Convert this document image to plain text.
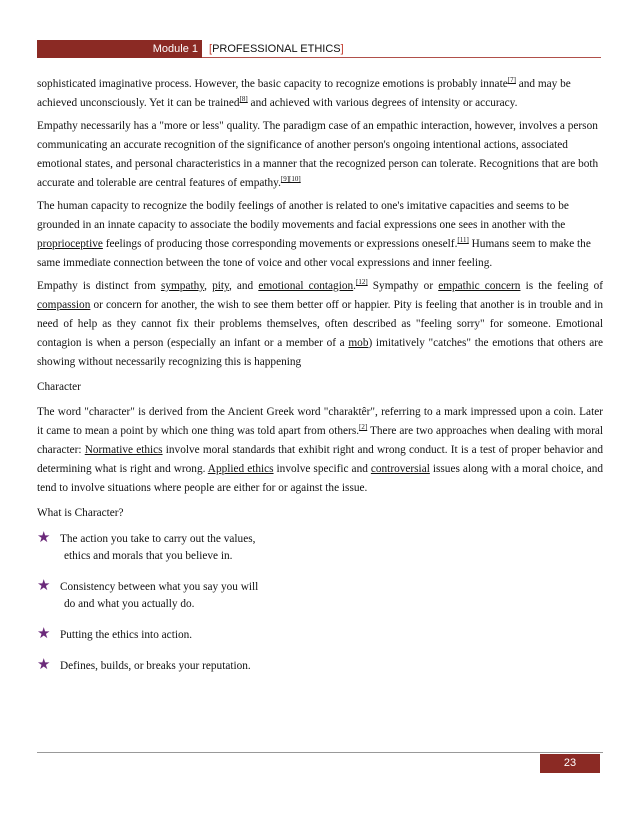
Module 1	[PROFESSIONAL ETHICS]

sophisticated imaginative process. However, the basic capacity to recognize emotions is probably innate[7] and may be achieved unconsciously. Yet it can be trained[8] and achieved with various degrees of intensity or accuracy.

Empathy necessarily has a "more or less" quality. The paradigm case of an empathic interaction, however, involves a person communicating an accurate recognition of the significance of another person's ongoing intentional actions, associated emotional states, and personal characteristics in a manner that the recognized person can tolerate. Recognitions that are both accurate and tolerable are central features of empathy.[9][10]

The human capacity to recognize the bodily feelings of another is related to one's imitative capacities and seems to be grounded in an innate capacity to associate the bodily movements and facial expressions one sees in another with the proprioceptive feelings of producing those corresponding movements or expressions oneself.[11] Humans seem to make the same immediate connection between the tone of voice and other vocal expressions and inner feeling.

Empathy is distinct from sympathy, pity, and emotional contagion.[12] Sympathy or empathic concern is the feeling of compassion or concern for another, the wish to see them better off or happier. Pity is feeling that another is in trouble and in need of help as they cannot fix their problems themselves, often described as "feeling sorry" for someone. Emotional contagion is when a person (especially an infant or a member of a mob) imitatively "catches" the emotions that others are showing without necessarily recognizing this is happening

Character

The word "character" is derived from the Ancient Greek word "charaktêr", referring to a mark impressed upon a coin. Later it came to mean a point by which one thing was told apart from others.[2] There are two approaches when dealing with moral character: Normative ethics involve moral standards that exhibit right and wrong conduct. It is a test of proper behavior and determining what is right and wrong. Applied ethics involve specific and controversial issues along with a moral choice, and tend to involve situations where people are either for or against the issue.

What is Character?

★ The action you take to carry out the values,
ethics and morals that you believe in.
★ Consistency between what you say you will
do and what you actually do.
★ Putting the ethics into action.
★ Defines, builds, or breaks your reputation.
23
